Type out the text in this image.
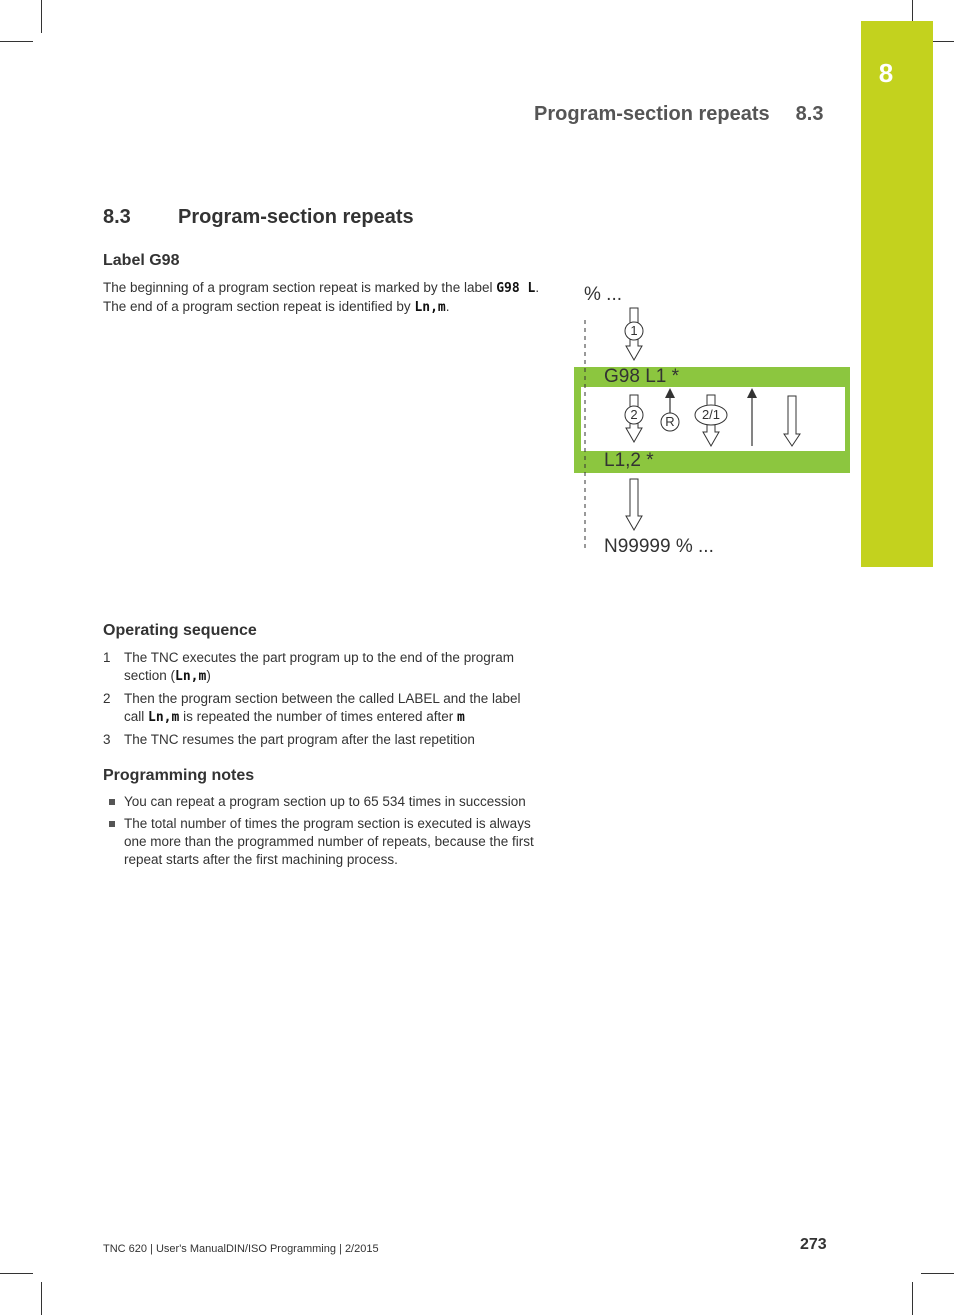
8
Program-section repeats 8.3
8.3 Program-section repeats
Label G98
The beginning of a program section repeat is marked by the label G98 L. The end of a program section repeat is identified by Ln,m.
% ...
G98 L1 *
L1,2 *
N99999 % ...
1
2	R	2/1
Operating sequence
1 The TNC executes the part program up to the end of the program section (Ln,m)
2 Then the program section between the called LABEL and the label call Ln,m is repeated the number of times entered after m
3 The TNC resumes the part program after the last repetition
Programming notes
You can repeat a program section up to 65 534 times in succession
The total number of times the program section is executed is always one more than the programmed number of repeats, because the first repeat starts after the first machining process.
TNC 620 | User's ManualDIN/ISO Programming | 2/2015	273
